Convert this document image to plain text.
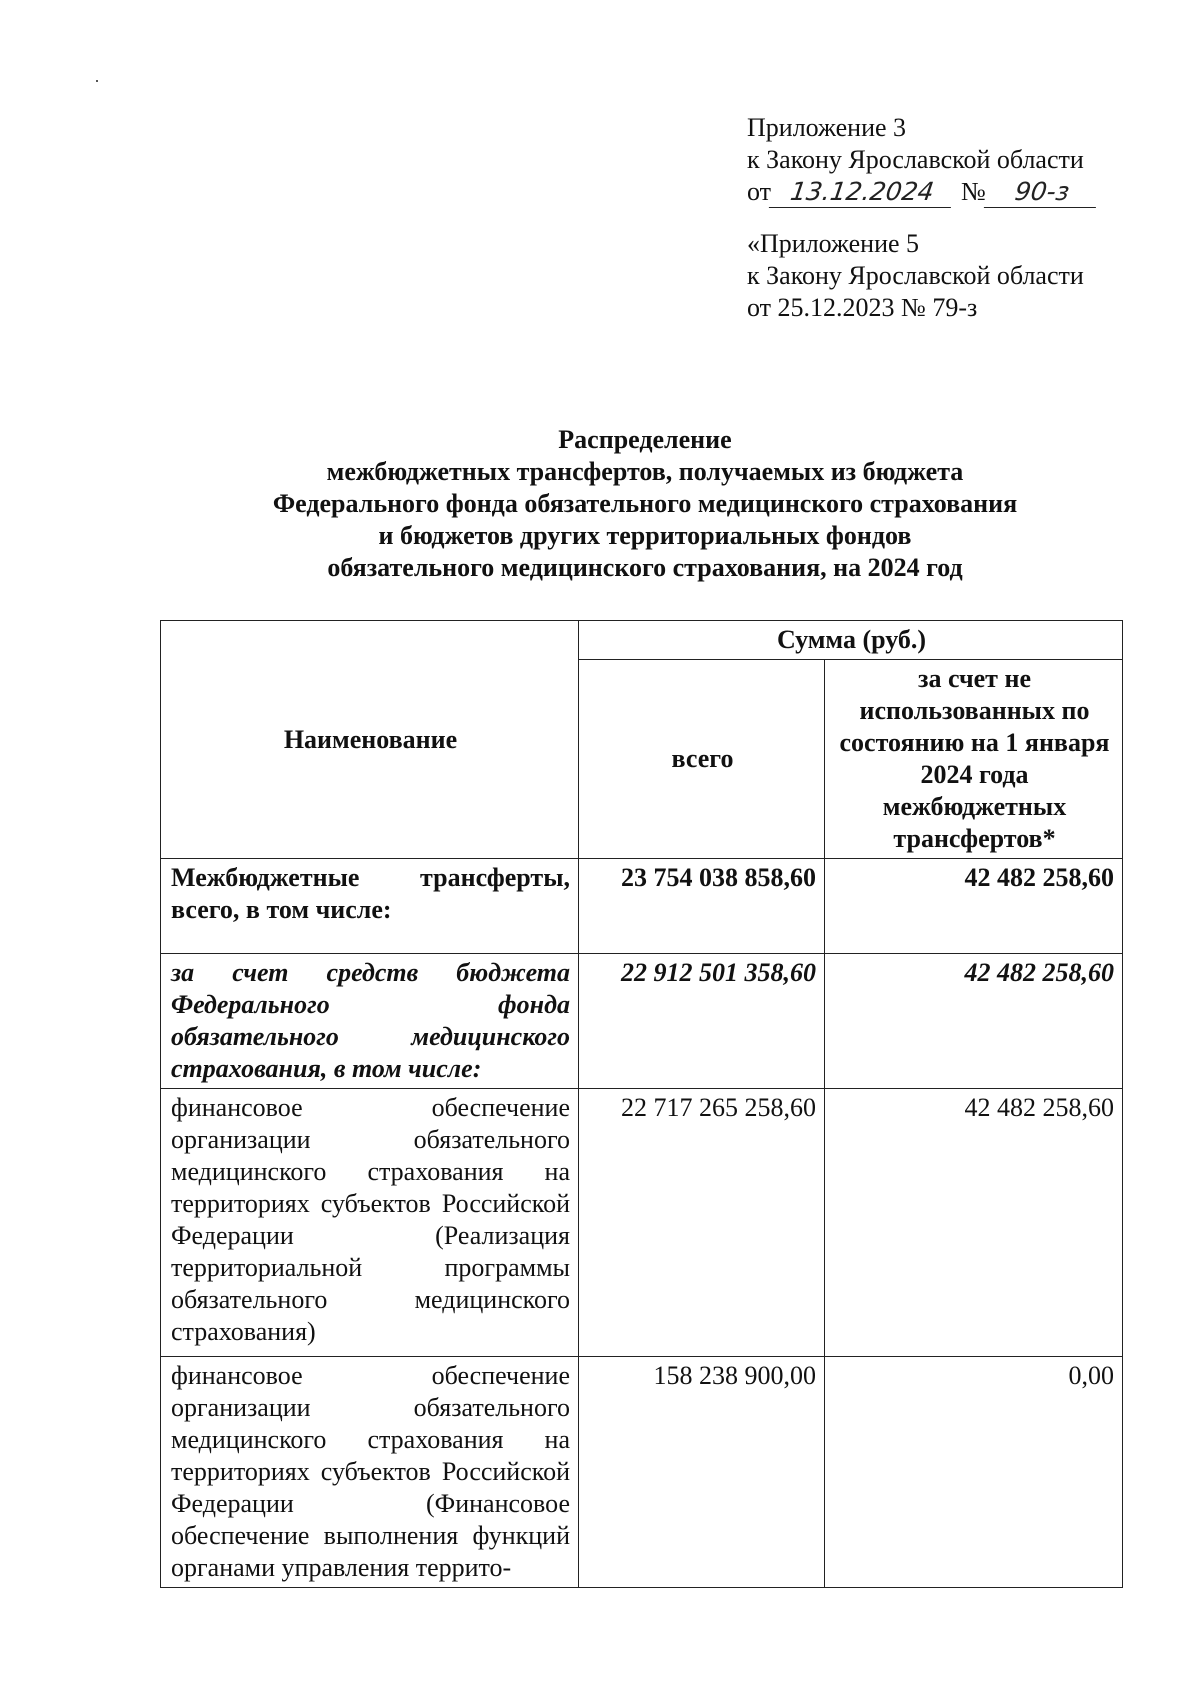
Приложение 3
к Закону Ярославской области
от 13.12.2024 №	90-з
«Приложение 5
к Закону Ярославской области
от 25.12.2023 № 79-з
Распределение
межбюджетных трансфертов, получаемых из бюджета
Федерального фонда обязательного медицинского страхования
и бюджетов других территориальных фондов
обязательного медицинского страхования, на 2024 год
Наименование	Сумма (руб.)	
	всего	за счет не использованных по состоянию на 1 января 2024 года межбюджетных трансфертов*
Межбюджетные трансферты, всего, в том числе:	23 754 038 858,60	42 482 258,60
за счет средств бюджета Федерального фонда обязательного медицинского страхования, в том числе:	22 912 501 358,60	42 482 258,60
финансовое обеспечение организации обязательного медицинского страхования на территориях субъектов Российской Федерации (Реализация территориальной программы обязательного медицинского страхования)	22 717 265 258,60	42 482 258,60
финансовое обеспечение организации обязательного медицинского страхования на территориях субъектов Российской Федерации (Финансовое обеспечение выполнения функций органами управления террито-	158 238 900,00	0,00
